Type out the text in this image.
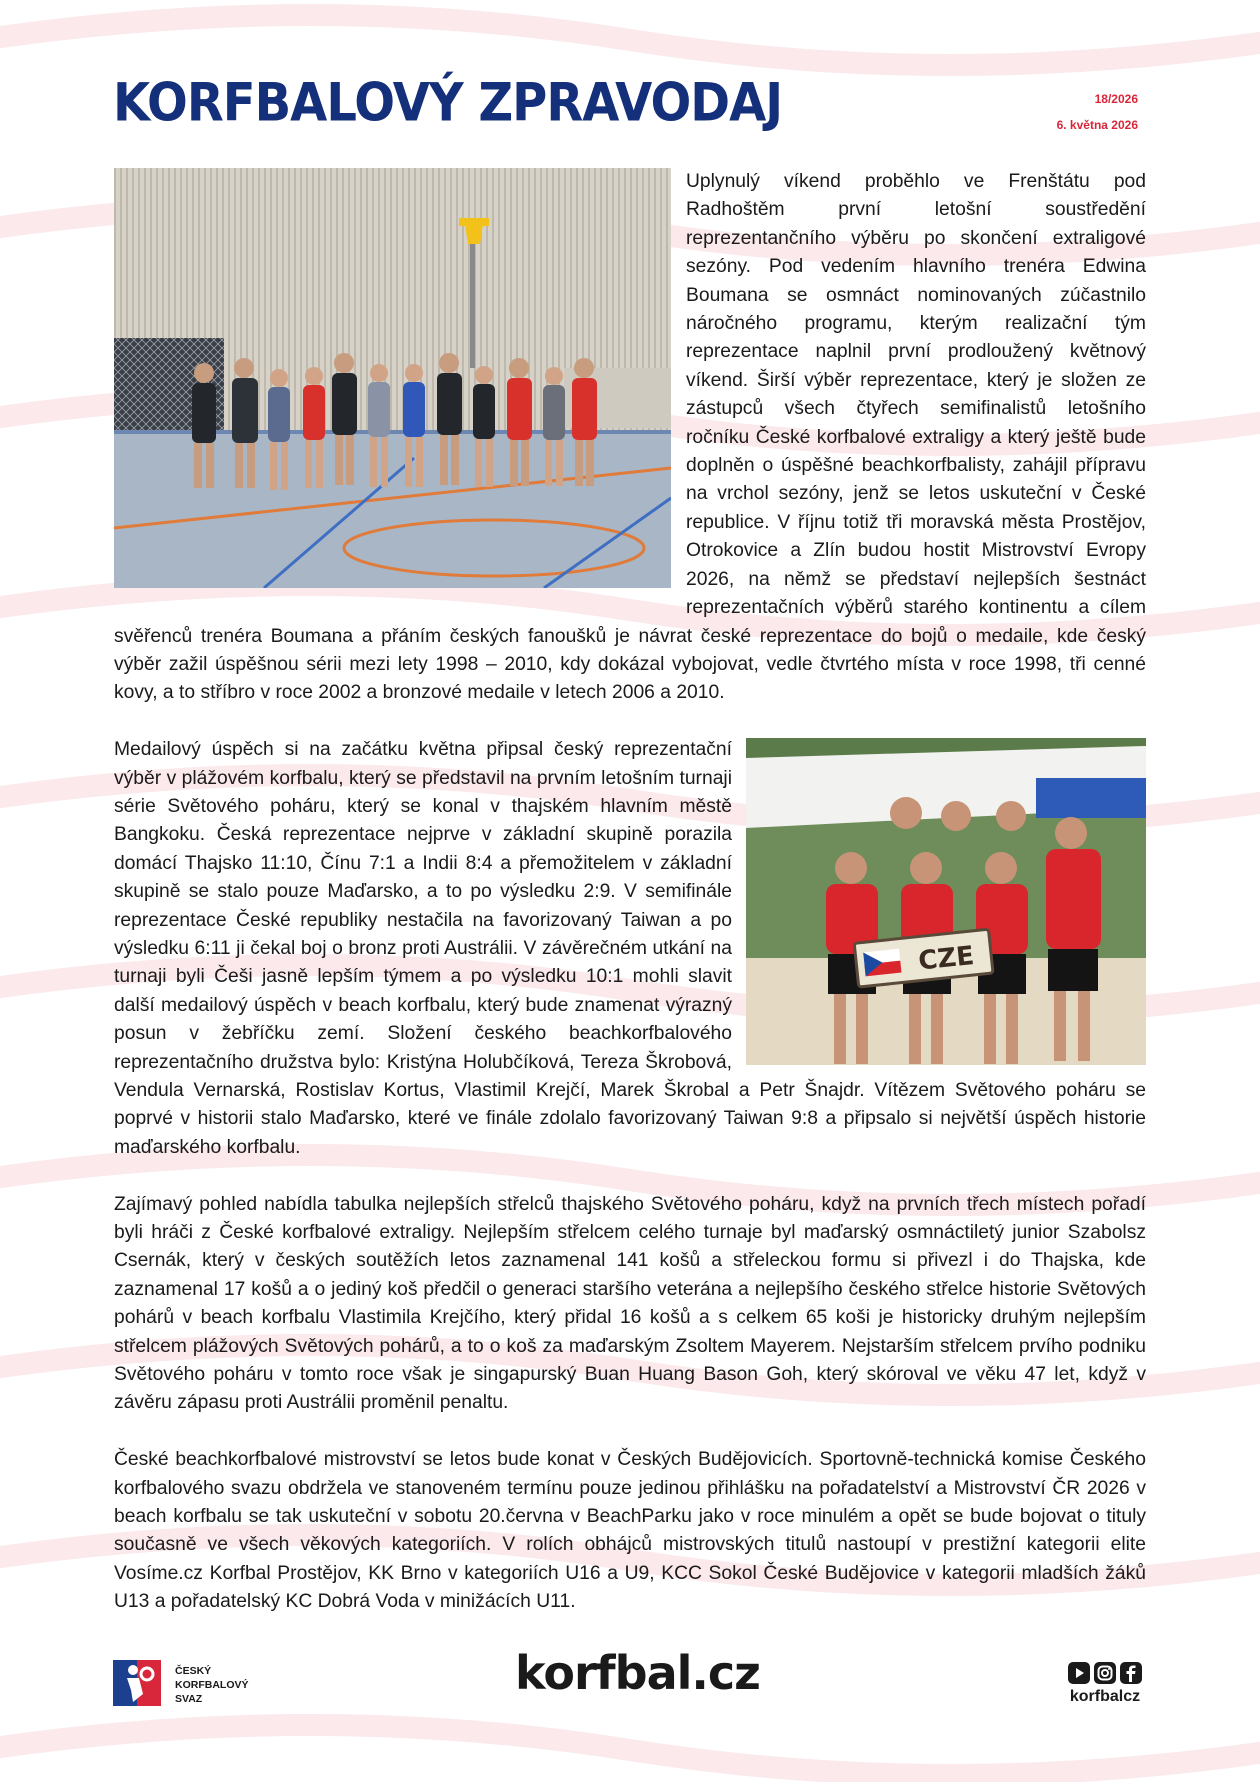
KORFBALOVÝ ZPRAVODAJ	18/2026
6. května 2026

Uplynulý víkend proběhlo ve Frenštátu pod Radhoštěm první letošní soustředění reprezentančního výběru po skončení extraligové sezóny. Pod vedením hlavního trenéra Edwina Boumana se osmnáct nominovaných zúčastnilo náročného programu, kterým realizační tým reprezentace naplnil první prodloužený květnový víkend. Širší výběr reprezentace, který je složen ze zástupců všech čtyřech semifinalistů letošního ročníku České korfbalové extraligy a který ještě bude doplněn o úspěšné beachkorfbalisty, zahájil přípravu na vrchol sezóny, jenž se letos uskuteční v České republice. V říjnu totiž tři moravská města Prostějov, Otrokovice a Zlín budou hostit Mistrovství Evropy 2026, na němž se představí nejlepších šestnáct reprezentačních výběrů starého kontinentu a cílem svěřenců trenéra Boumana a přáním českých fanoušků je návrat české reprezentace do bojů o medaile, kde český výběr zažil úspěšnou sérii mezi lety 1998 – 2010, kdy dokázal vybojovat, vedle čtvrtého místa v roce 1998, tři cenné kovy, a to stříbro v roce 2002 a bronzové medaile v letech 2006 a 2010.

CZE

Medailový úspěch si na začátku května připsal český reprezentační výběr v plážovém korfbalu, který se představil na prvním letošním turnaji série Světového poháru, který se konal v thajském hlavním městě Bangkoku. Česká reprezentace nejprve v základní skupině porazila domácí Thajsko 11:10, Čínu 7:1 a Indii 8:4 a přemožitelem v základní skupině se stalo pouze Maďarsko, a to po výsledku 2:9. V semifinále reprezentace České republiky nestačila na favorizovaný Taiwan a po výsledku 6:11 ji čekal boj o bronz proti Austrálii. V závěrečném utkání na turnaji byli Češi jasně lepším týmem a po výsledku 10:1 mohli slavit další medailový úspěch v beach korfbalu, který bude znamenat výrazný posun v žebříčku zemí. Složení českého beachkorfbalového reprezentačního družstva bylo: Kristýna Holubčíková, Tereza Škrobová, Vendula Vernarská, Rostislav Kortus, Vlastimil Krejčí, Marek Škrobal a Petr Šnajdr. Vítězem Světového poháru se poprvé v historii stalo Maďarsko, které ve finále zdolalo favorizovaný Taiwan 9:8 a připsalo si největší úspěch historie maďarského korfbalu.

Zajímavý pohled nabídla tabulka nejlepších střelců thajského Světového poháru, když na prvních třech místech pořadí byli hráči z České korfbalové extraligy. Nejlepším střelcem celého turnaje byl maďarský osmnáctiletý junior Szabolsz Csernák, který v českých soutěžích letos zaznamenal 141 košů a střeleckou formu si přivezl i do Thajska, kde zaznamenal 17 košů a o jediný koš předčil o generaci staršího veterána a nejlepšího českého střelce historie Světových pohárů v beach korfbalu Vlastimila Krejčího, který přidal 16 košů a s celkem 65 koši je historicky druhým nejlepším střelcem plážových Světových pohárů, a to o koš za maďarským Zsoltem Mayerem. Nejstarším střelcem prvího podniku Světového poháru v tomto roce však je singapurský Buan Huang Bason Goh, který skóroval ve věku 47 let, když v závěru zápasu proti Austrálii proměnil penaltu.

České beachkorfbalové mistrovství se letos bude konat v Českých Budějovicích. Sportovně-technická komise Českého korfbalového svazu obdržela ve stanoveném termínu pouze jedinou přihlášku na pořadatelství a Mistrovství ČR 2026 v beach korfbalu se tak uskuteční v sobotu 20.června v BeachParku jako v roce minulém a opět se bude bojovat o tituly současně ve všech věkových kategoriích. V rolích obhájců mistrovských titulů nastoupí v prestižní kategorii elite Vosíme.cz Korfbal Prostějov, KK Brno v kategoriích U16 a U9, KCC Sokol České Budějovice v kategorii mladších žáků U13 a pořadatelský KC Dobrá Voda v minižácích U11.

ČESKÝ
KORFBALOVÝ
SVAZ	korfbal.cz	korfbalcz
